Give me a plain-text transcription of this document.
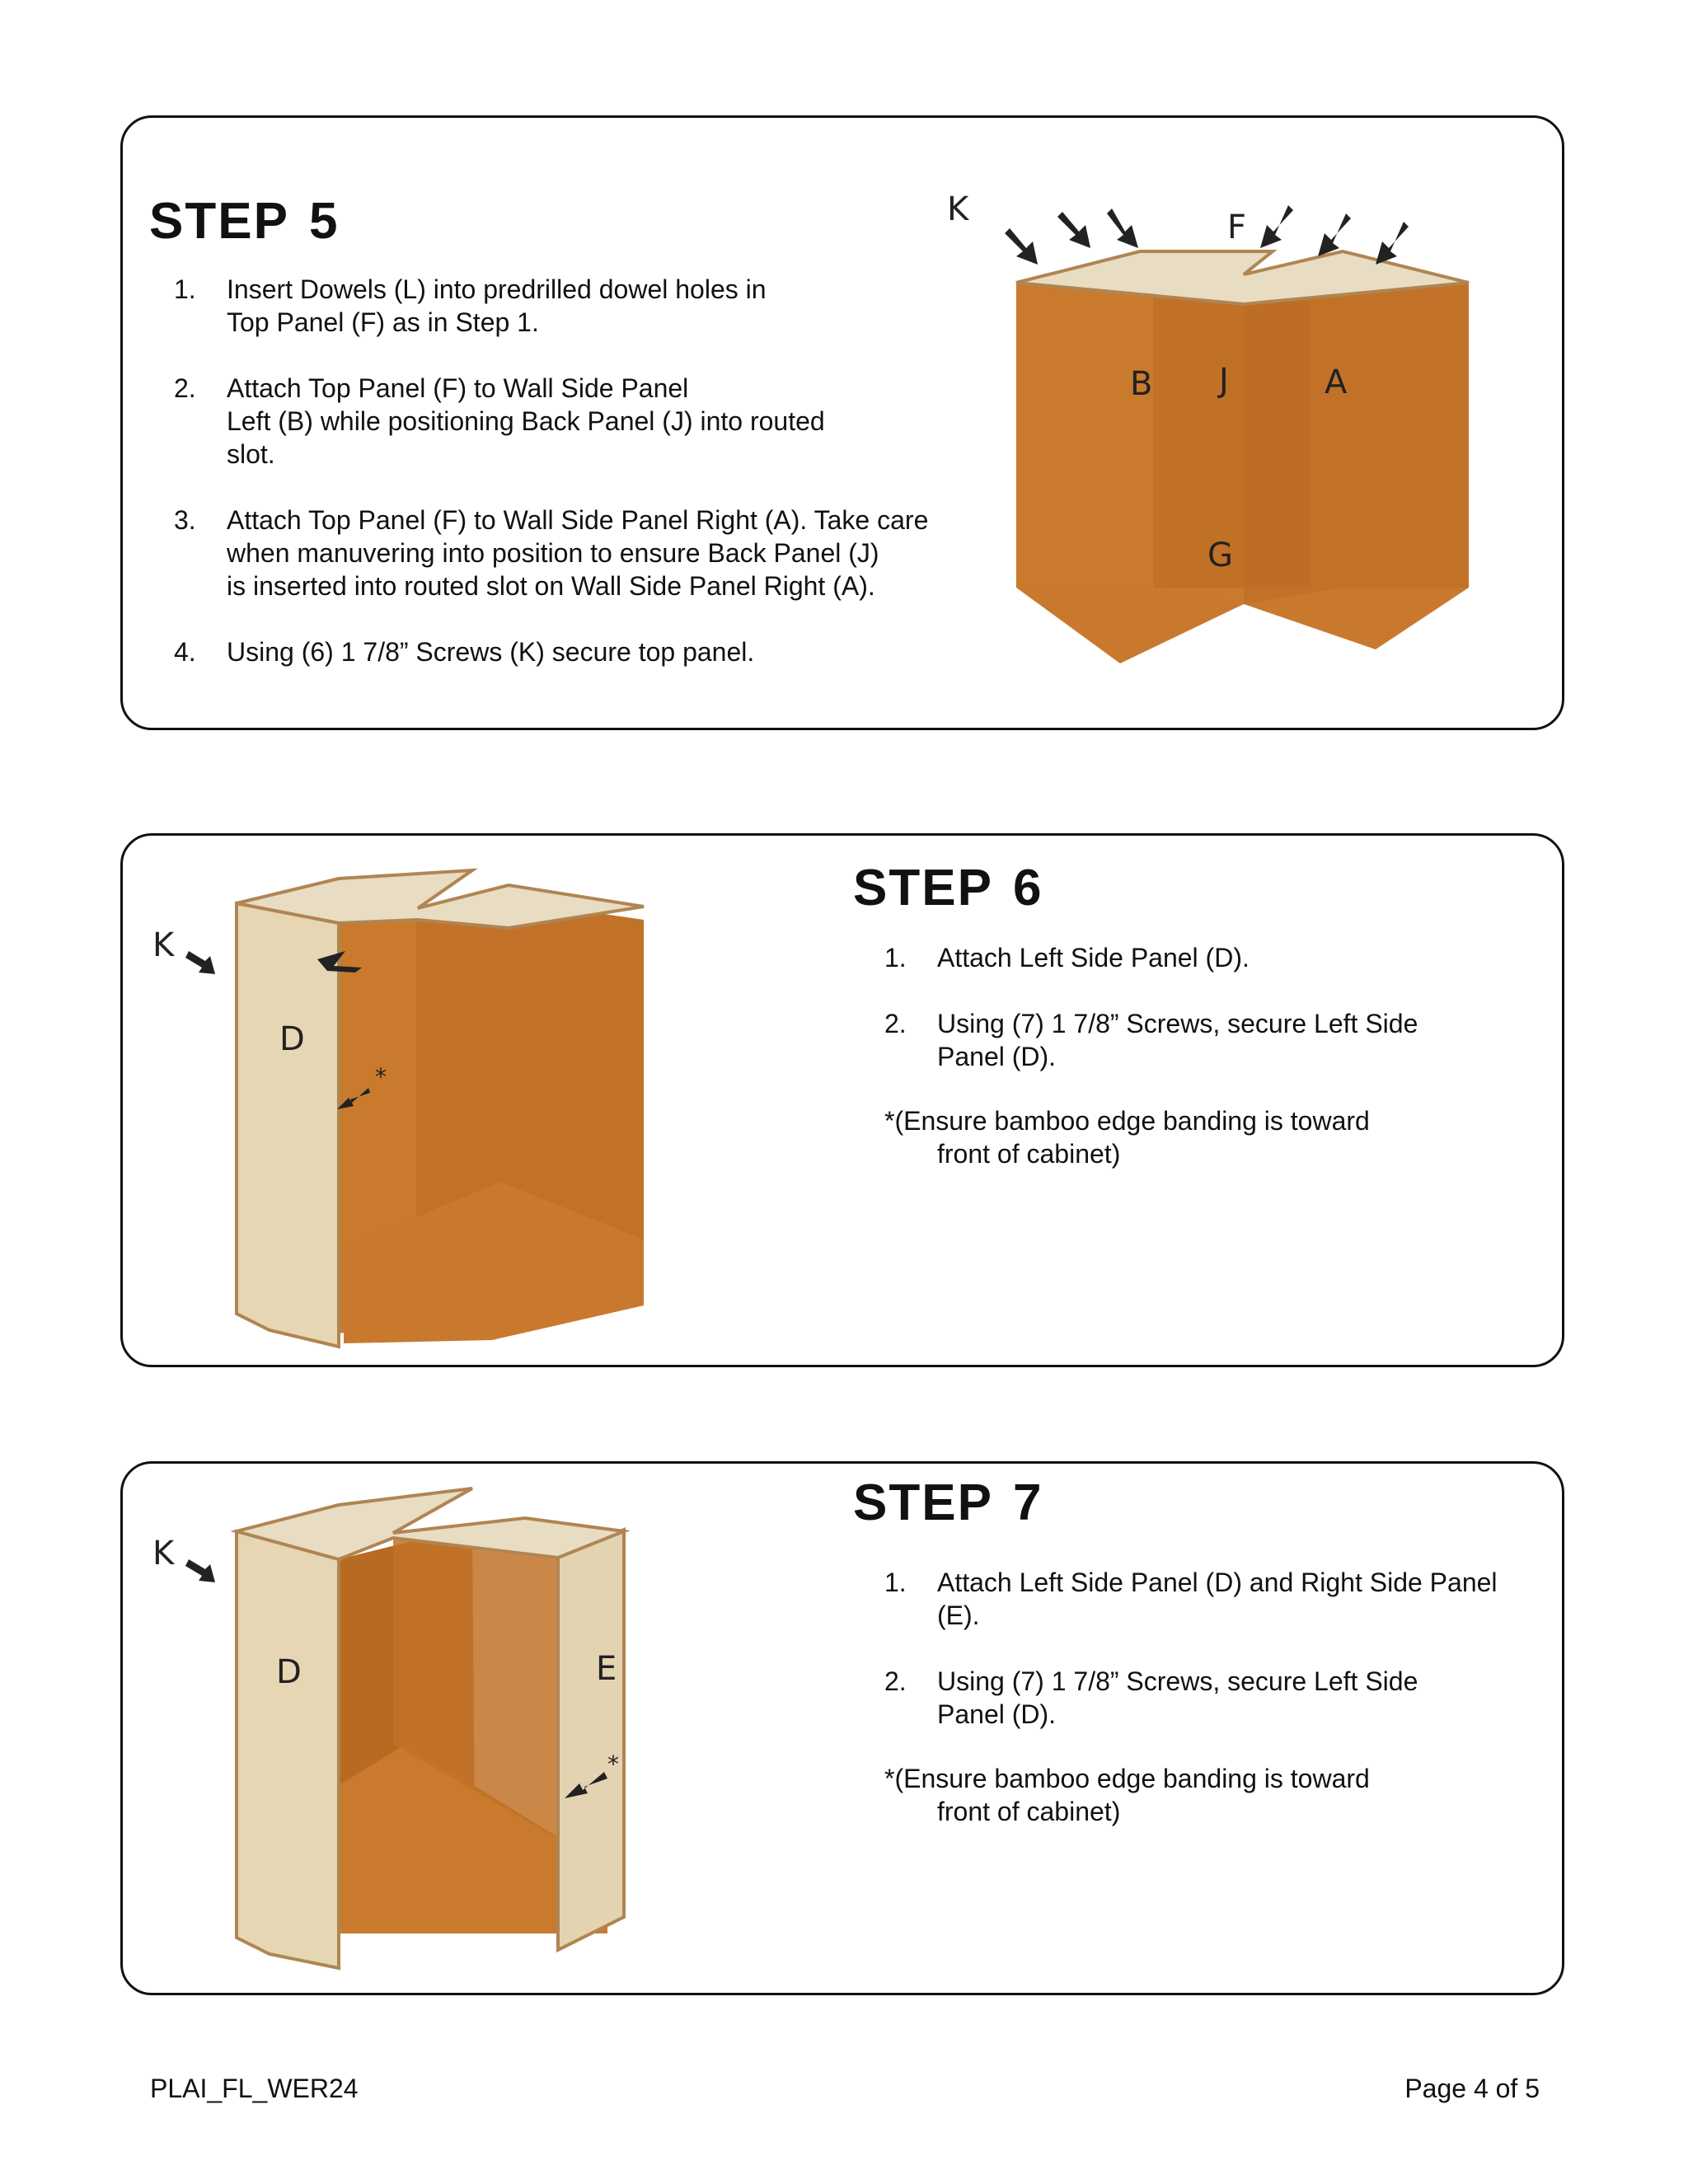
STEP 5
1. Insert Dowels (L) into predrilled dowel holes in
Top Panel (F) as in Step 1.
2. Attach Top Panel (F) to Wall Side Panel
Left (B) while positioning Back Panel (J) into routed
slot.
3. Attach Top Panel (F) to Wall Side Panel Right (A). Take care
when manuvering into position to ensure Back Panel (J)
is inserted into routed slot on Wall Side Panel Right (A).
4. Using (6) 1 7/8” Screws (K) secure top panel.
K	F
B J	A
G
K
D
*
STEP 6
1. Attach Left Side Panel (D).
2. Using (7) 1 7/8” Screws, secure Left Side
Panel (D).
*(Ensure bamboo edge banding is toward
front of cabinet)
K
D	E
*
STEP 7
1. Attach Left Side Panel (D) and Right Side Panel
(E).
2. Using (7) 1 7/8” Screws, secure Left Side
Panel (D).
*(Ensure bamboo edge banding is toward
front of cabinet)
PLAI_FL_WER24	Page 4 of 5
